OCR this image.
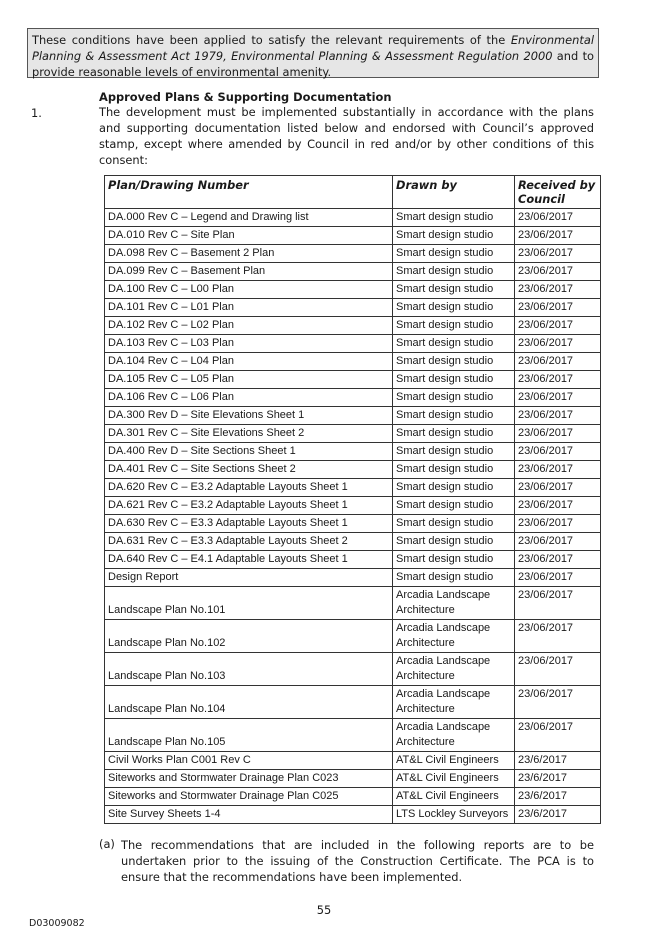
These conditions have been applied to satisfy the relevant requirements of the Environmental Planning & Assessment Act 1979, Environmental Planning & Assessment Regulation 2000 and to provide reasonable levels of environmental amenity.
Approved Plans & Supporting Documentation
1.	The development must be implemented substantially in accordance with the plans and supporting documentation listed below and endorsed with Council’s approved stamp, except where amended by Council in red and/or by other conditions of this consent:
Plan/Drawing Number	Drawn by	Received by Council
DA.000 Rev C – Legend and Drawing list	Smart design studio	23/06/2017
DA.010 Rev C – Site Plan	Smart design studio	23/06/2017
DA.098 Rev C – Basement 2 Plan	Smart design studio	23/06/2017
DA.099 Rev C – Basement Plan	Smart design studio	23/06/2017
DA.100 Rev C – L00 Plan	Smart design studio	23/06/2017
DA.101 Rev C – L01 Plan	Smart design studio	23/06/2017
DA.102 Rev C – L02 Plan	Smart design studio	23/06/2017
DA.103 Rev C – L03 Plan	Smart design studio	23/06/2017
DA.104 Rev C – L04 Plan	Smart design studio	23/06/2017
DA.105 Rev C – L05 Plan	Smart design studio	23/06/2017
DA.106 Rev C – L06 Plan	Smart design studio	23/06/2017
DA.300 Rev D – Site Elevations Sheet 1	Smart design studio	23/06/2017
DA.301 Rev C – Site Elevations Sheet 2	Smart design studio	23/06/2017
DA.400 Rev D – Site Sections Sheet 1	Smart design studio	23/06/2017
DA.401 Rev C – Site Sections Sheet 2	Smart design studio	23/06/2017
DA.620 Rev C – E3.2 Adaptable Layouts Sheet 1	Smart design studio	23/06/2017
DA.621 Rev C – E3.2 Adaptable Layouts Sheet 1	Smart design studio	23/06/2017
DA.630 Rev C – E3.3 Adaptable Layouts Sheet 1	Smart design studio	23/06/2017
DA.631 Rev C – E3.3 Adaptable Layouts Sheet 2	Smart design studio	23/06/2017
DA.640 Rev C – E4.1 Adaptable Layouts Sheet 1	Smart design studio	23/06/2017
Design Report	Smart design studio	23/06/2017
Landscape Plan No.101	Arcadia Landscape Architecture	23/06/2017
Landscape Plan No.102	Arcadia Landscape Architecture	23/06/2017
Landscape Plan No.103	Arcadia Landscape Architecture	23/06/2017
Landscape Plan No.104	Arcadia Landscape Architecture	23/06/2017
Landscape Plan No.105	Arcadia Landscape Architecture	23/06/2017
Civil Works Plan C001 Rev C	AT&L Civil Engineers	23/6/2017
Siteworks and Stormwater Drainage Plan C023	AT&L Civil Engineers	23/6/2017
Siteworks and Stormwater Drainage Plan C025	AT&L Civil Engineers	23/6/2017
Site Survey Sheets 1-4	LTS Lockley Surveyors	23/6/2017
(a) The recommendations that are included in the following reports are to be undertaken prior to the issuing of the Construction Certificate. The PCA is to ensure that the recommendations have been implemented.
55
D03009082
